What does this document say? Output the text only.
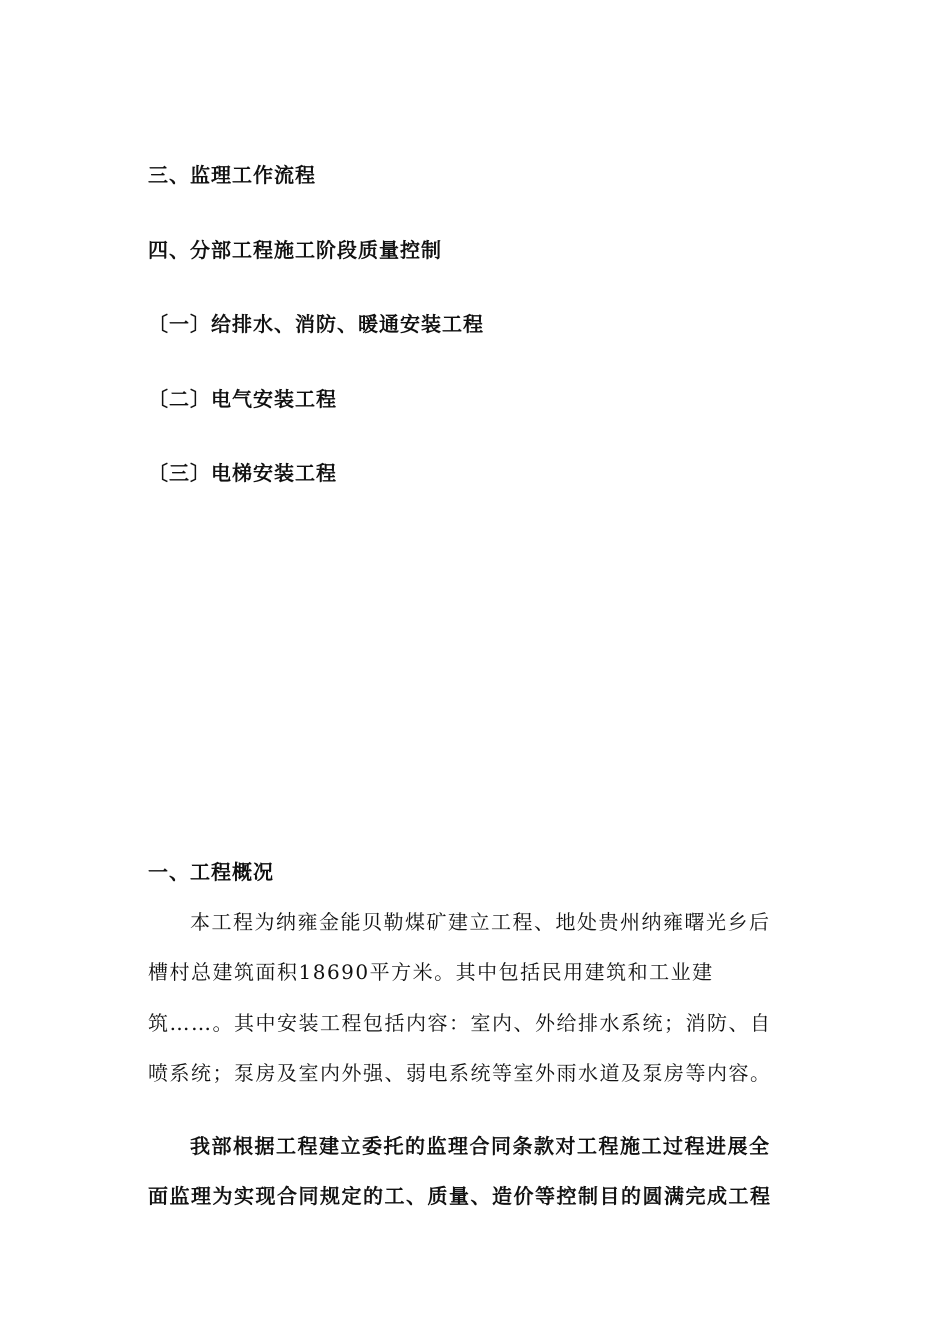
三、监理工作流程
四、分部工程施工阶段质量控制
〔一〕给排水、消防、暖通安装工程
〔二〕电气安装工程
〔三〕电梯安装工程
一、工程概况
本工程为纳雍金能贝勒煤矿建立工程、地处贵州纳雍曙光乡后
槽村总建筑面积18690平方米。其中包括民用建筑和工业建
筑……。其中安装工程包括内容：室内、外给排水系统；消防、自
喷系统；泵房及室内外强、弱电系统等室外雨水道及泵房等内容。
我部根据工程建立委托的监理合同条款对工程施工过程进展全
面监理为实现合同规定的工、质量、造价等控制目的圆满完成工程
